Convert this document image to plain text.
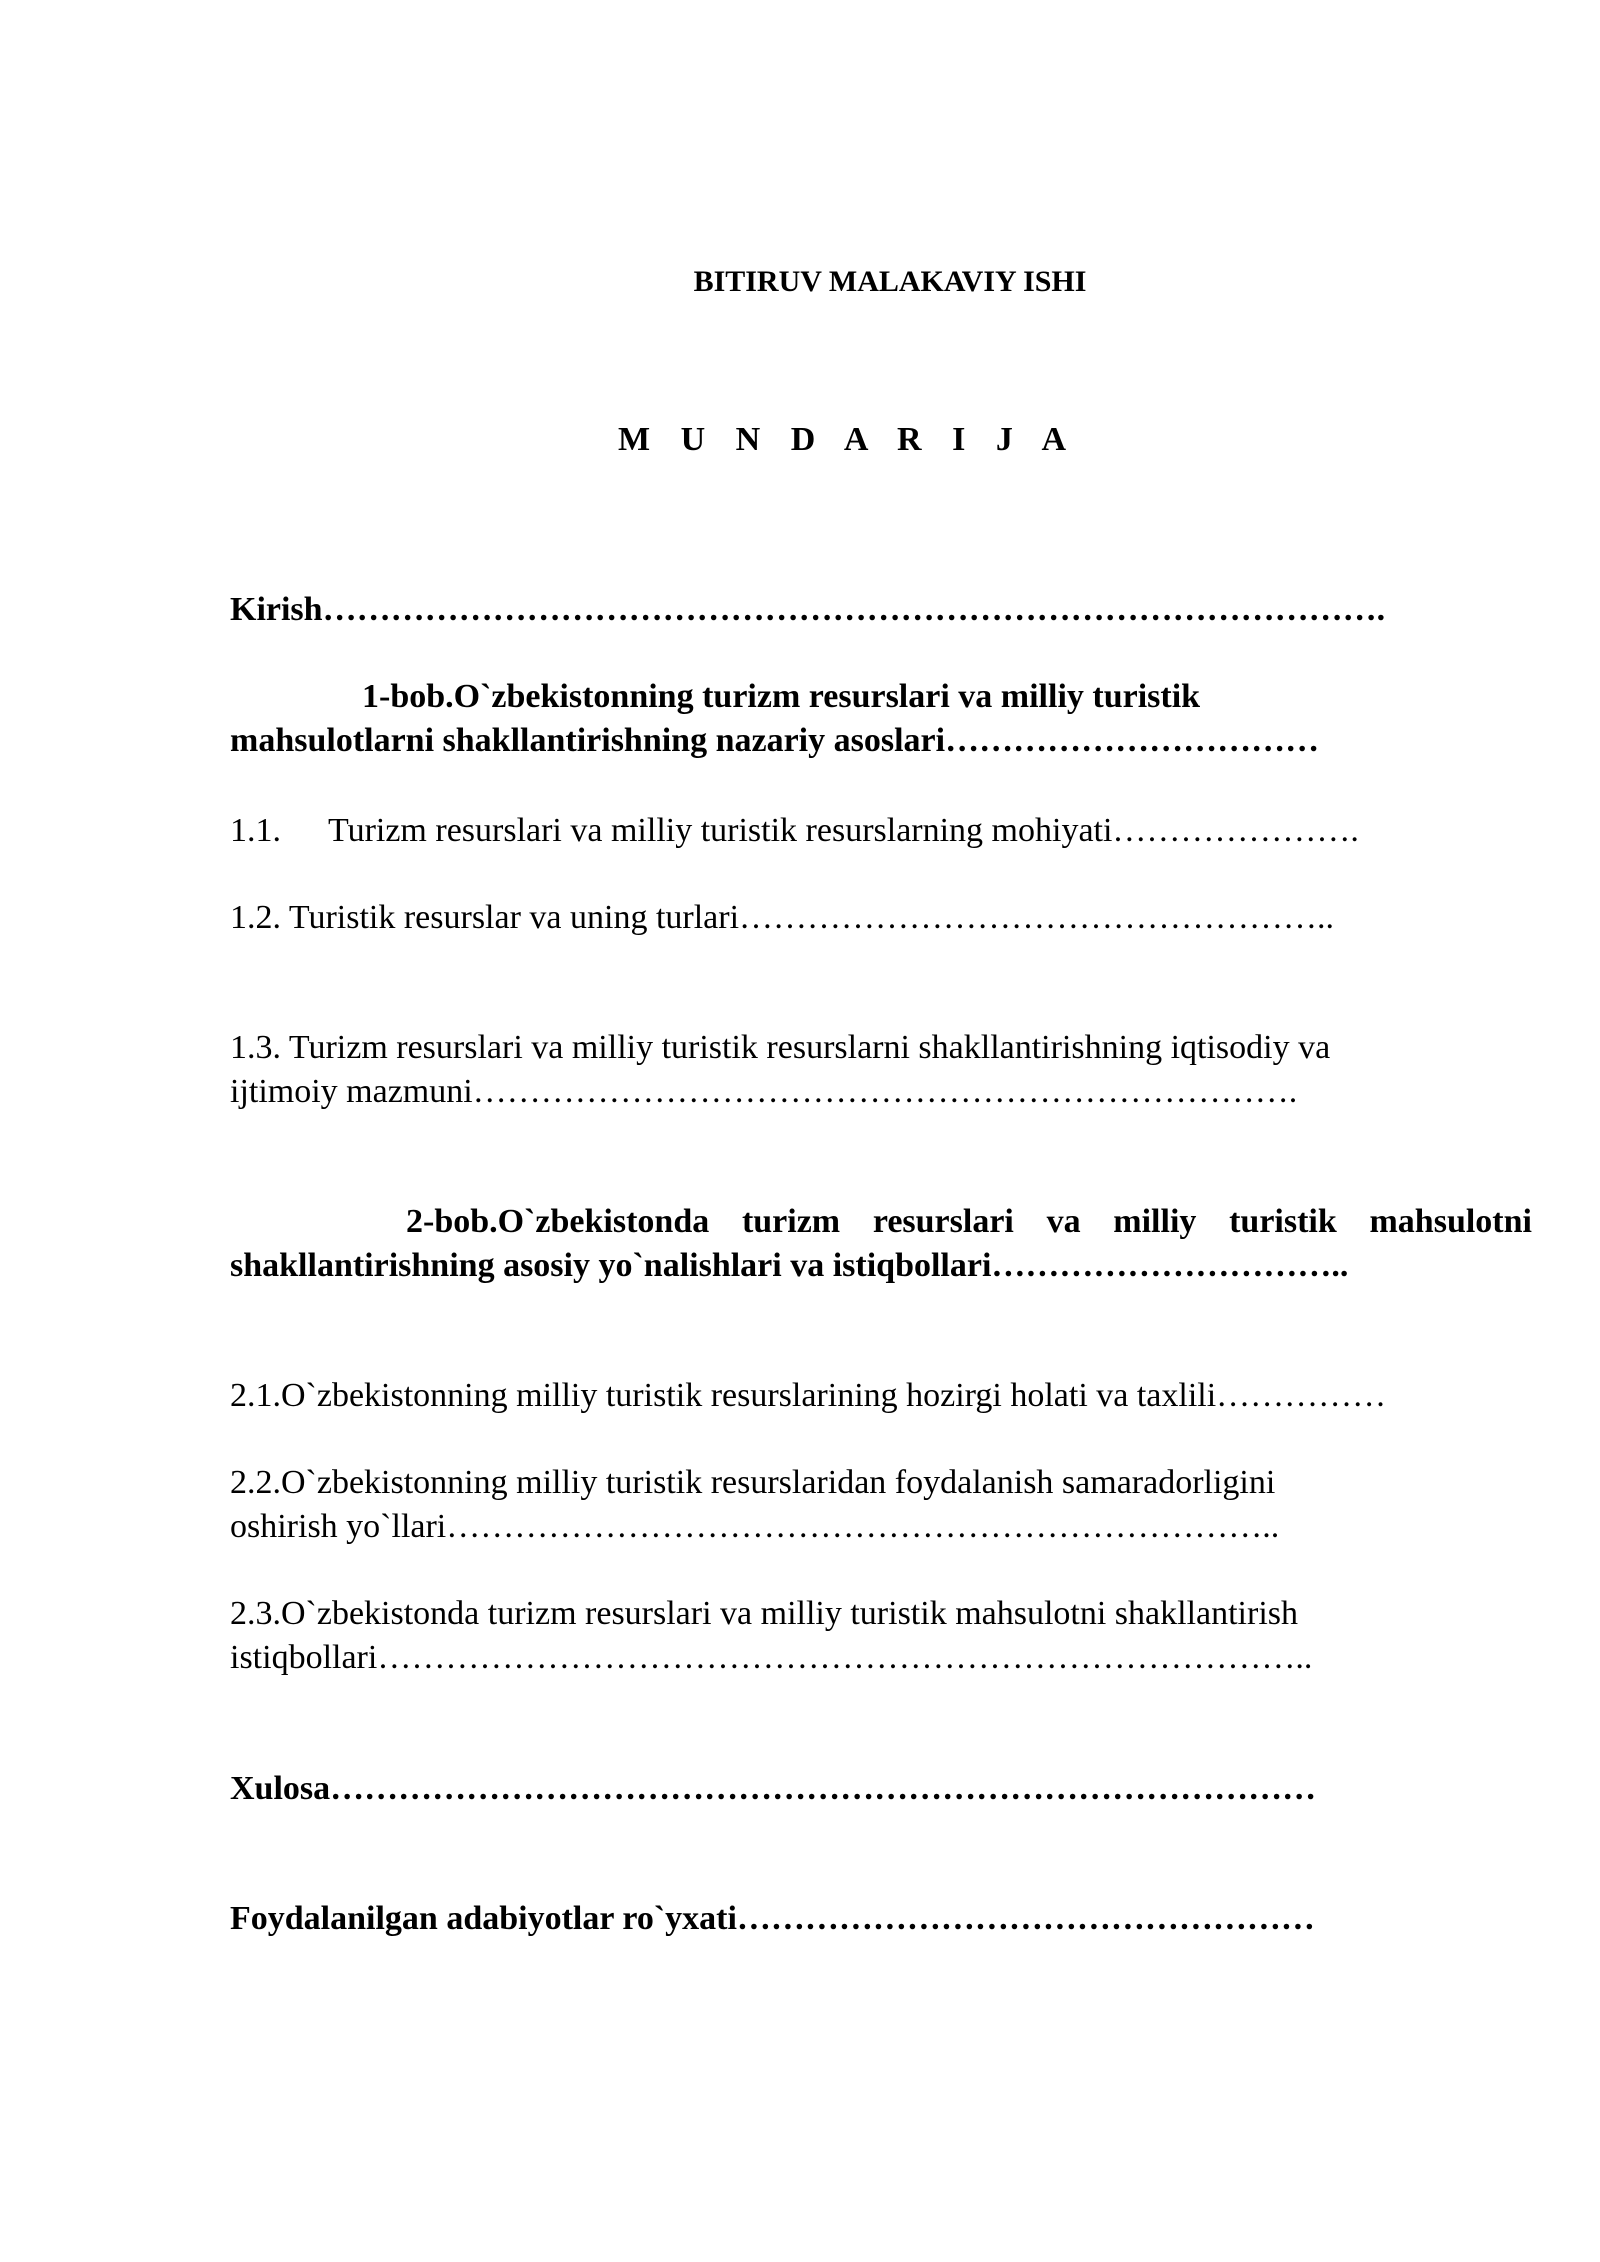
BITIRUV MALAKAVIY ISHI
M U N D A R I J A
Kirish………………………………………………………………………………….
1-bob.O`zbekistonning turizm resurslari va milliy turistik
mahsulotlarni shakllantirishning nazariy asoslari……………………………
1.1. Turizm resurslari va milliy turistik resurslarning mohiyati………………….
1.2. Turistik resurslar va uning turlari……………………………………………..
1.3. Turizm resurslari va milliy turistik resurslarni shakllantirishning iqtisodiy va
ijtimoiy mazmuni……………………………………………………………….
2-bob.O`zbekistonda turizm resurslari va milliy turistik mahsulotni
shakllantirishning asosiy yo`nalishlari va istiqbollari…………………………..
2.1.O`zbekistonning milliy turistik resurslarining hozirgi holati va taxlili……………
2.2.O`zbekistonning milliy turistik resurslaridan foydalanish samaradorligini
oshirish yo`llari………………………………………………………………..
2.3.O`zbekistonda turizm resurslari va milliy turistik mahsulotni shakllantirish
istiqbollari………………………………………………………………………..
Xulosa……………………………………………………………………………
Foydalanilgan adabiyotlar ro`yxati……………………………………………
